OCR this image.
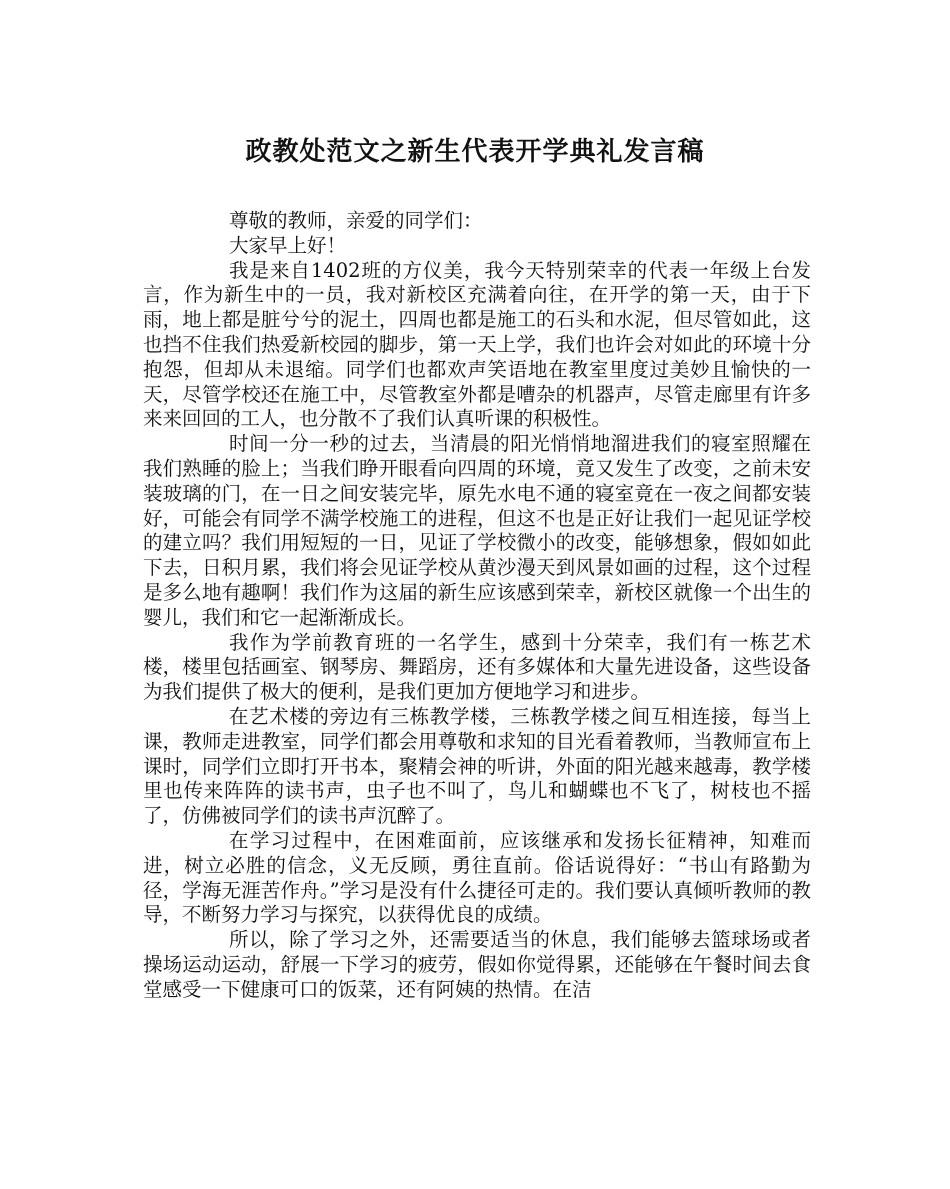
政教处范文之新生代表开学典礼发言稿

尊敬的教师，亲爱的同学们：

大家早上好！

我是来自1402班的方仪美，我今天特别荣幸的代表一年级上台发言，作为新生中的一员，我对新校区充满着向往，在开学的第一天，由于下雨，地上都是脏兮兮的泥土，四周也都是施工的石头和水泥，但尽管如此，这也挡不住我们热爱新校园的脚步，第一天上学，我们也许会对如此的环境十分抱怨，但却从未退缩。同学们也都欢声笑语地在教室里度过美妙且愉快的一天，尽管学校还在施工中，尽管教室外都是嘈杂的机器声，尽管走廊里有许多来来回回的工人，也分散不了我们认真听课的积极性。

时间一分一秒的过去，当清晨的阳光悄悄地溜进我们的寝室照耀在我们熟睡的脸上；当我们睁开眼看向四周的环境，竟又发生了改变，之前未安装玻璃的门，在一日之间安装完毕，原先水电不通的寝室竟在一夜之间都安装好，可能会有同学不满学校施工的进程，但这不也是正好让我们一起见证学校的建立吗？我们用短短的一日，见证了学校微小的改变，能够想象，假如如此下去，日积月累，我们将会见证学校从黄沙漫天到风景如画的过程，这个过程是多么地有趣啊！我们作为这届的新生应该感到荣幸，新校区就像一个出生的婴儿，我们和它一起渐渐成长。

我作为学前教育班的一名学生，感到十分荣幸，我们有一栋艺术楼，楼里包括画室、钢琴房、舞蹈房，还有多媒体和大量先进设备，这些设备为我们提供了极大的便利，是我们更加方便地学习和进步。

在艺术楼的旁边有三栋教学楼，三栋教学楼之间互相连接，每当上课，教师走进教室，同学们都会用尊敬和求知的目光看着教师，当教师宣布上课时，同学们立即打开书本，聚精会神的听讲，外面的阳光越来越毒，教学楼里也传来阵阵的读书声，虫子也不叫了，鸟儿和蝴蝶也不飞了，树枝也不摇了，仿佛被同学们的读书声沉醉了。

在学习过程中，在困难面前，应该继承和发扬长征精神，知难而进，树立必胜的信念，义无反顾，勇往直前。俗话说得好：“书山有路勤为径，学海无涯苦作舟。”学习是没有什么捷径可走的。我们要认真倾听教师的教导，不断努力学习与探究，以获得优良的成绩。

所以，除了学习之外，还需要适当的休息，我们能够去篮球场或者操场运动运动，舒展一下学习的疲劳，假如你觉得累，还能够在午餐时间去食堂感受一下健康可口的饭菜，还有阿姨的热情。在洁
